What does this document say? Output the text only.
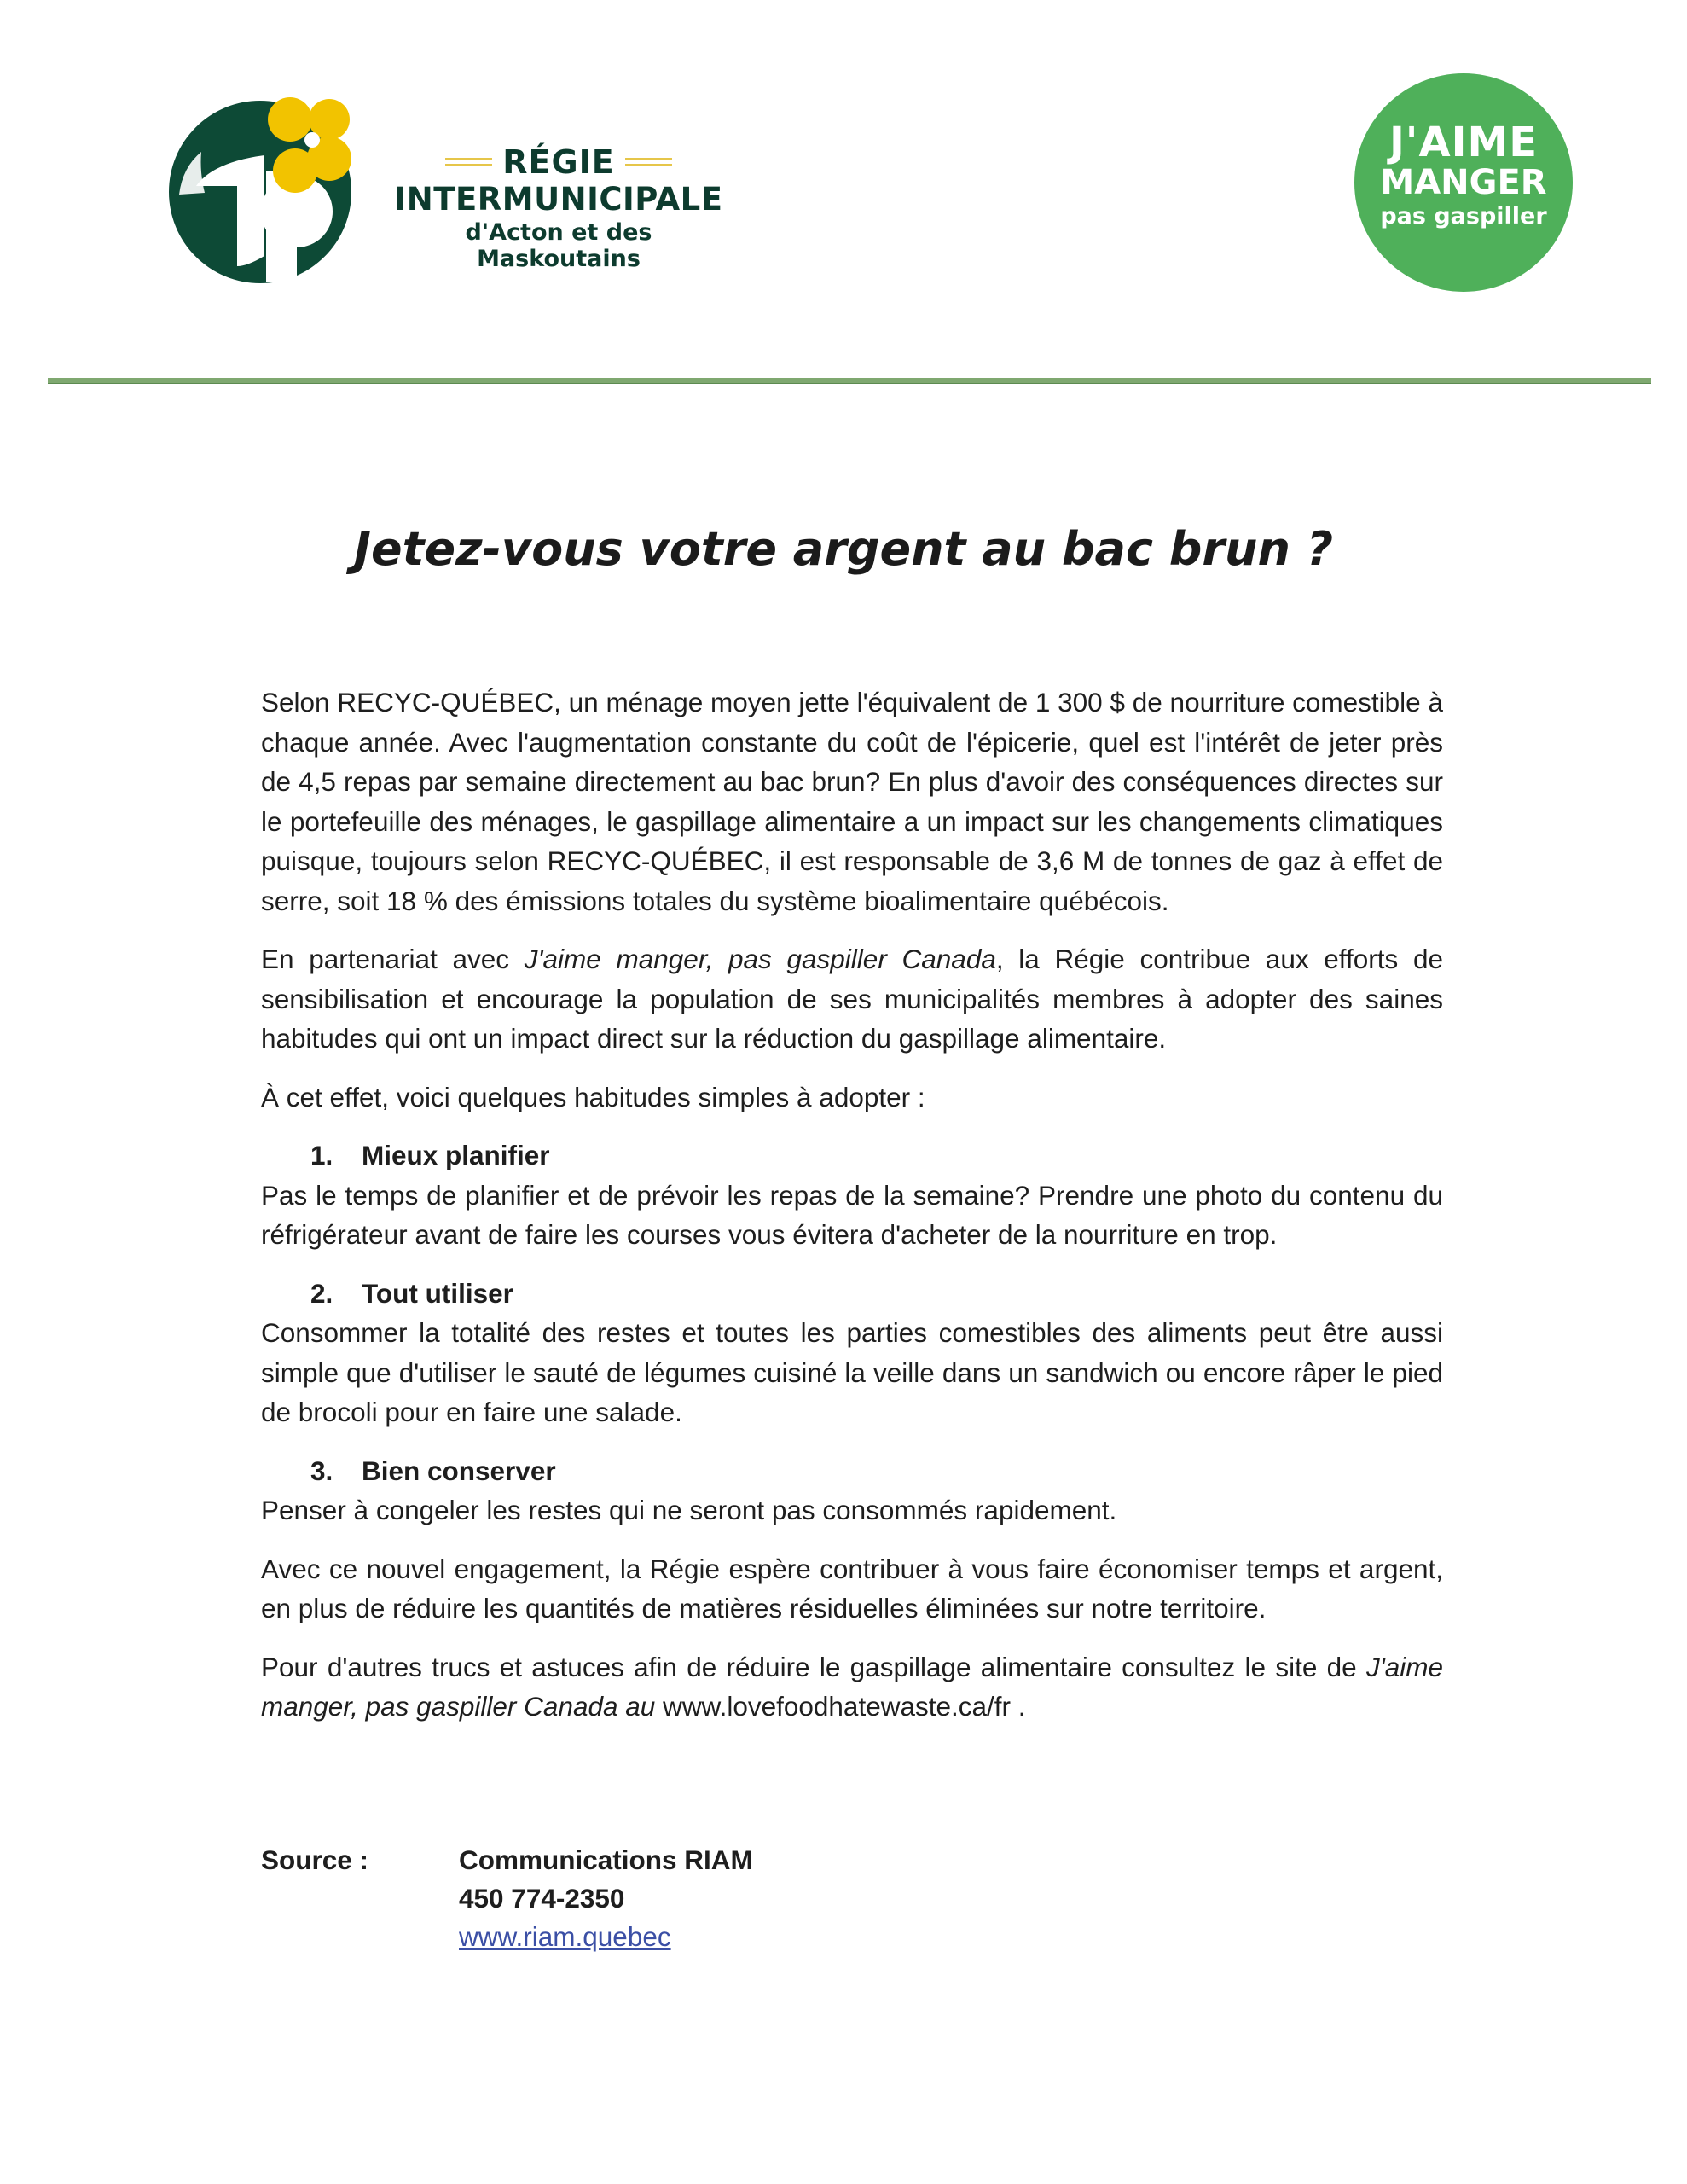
RÉGIE
INTERMUNICIPALE
d'Acton et des Maskoutains
J'AIME
MANGER
pas gaspiller
Jetez-vous votre argent au bac brun ?

Selon RECYC-QUÉBEC, un ménage moyen jette l'équivalent de 1 300 $ de nourriture comestible à chaque année. Avec l'augmentation constante du coût de l'épicerie, quel est l'intérêt de jeter près de 4,5 repas par semaine directement au bac brun? En plus d'avoir des conséquences directes sur le portefeuille des ménages, le gaspillage alimentaire a un impact sur les changements climatiques puisque, toujours selon RECYC-QUÉBEC, il est responsable de 3,6 M de tonnes de gaz à effet de serre, soit 18 % des émissions totales du système bioalimentaire québécois.

En partenariat avec J'aime manger, pas gaspiller Canada, la Régie contribue aux efforts de sensibilisation et encourage la population de ses municipalités membres à adopter des saines habitudes qui ont un impact direct sur la réduction du gaspillage alimentaire.

À cet effet, voici quelques habitudes simples à adopter :

1. Mieux planifier
Pas le temps de planifier et de prévoir les repas de la semaine? Prendre une photo du contenu du réfrigérateur avant de faire les courses vous évitera d'acheter de la nourriture en trop.
2. Tout utiliser
Consommer la totalité des restes et toutes les parties comestibles des aliments peut être aussi simple que d'utiliser le sauté de légumes cuisiné la veille dans un sandwich ou encore râper le pied de brocoli pour en faire une salade.
3. Bien conserver
Penser à congeler les restes qui ne seront pas consommés rapidement.

Avec ce nouvel engagement, la Régie espère contribuer à vous faire économiser temps et argent, en plus de réduire les quantités de matières résiduelles éliminées sur notre territoire.

Pour d'autres trucs et astuces afin de réduire le gaspillage alimentaire consultez le site de J'aime manger, pas gaspiller Canada au www.lovefoodhatewaste.ca/fr .

Source :	Communications RIAM
450 774-2350
www.riam.quebec
